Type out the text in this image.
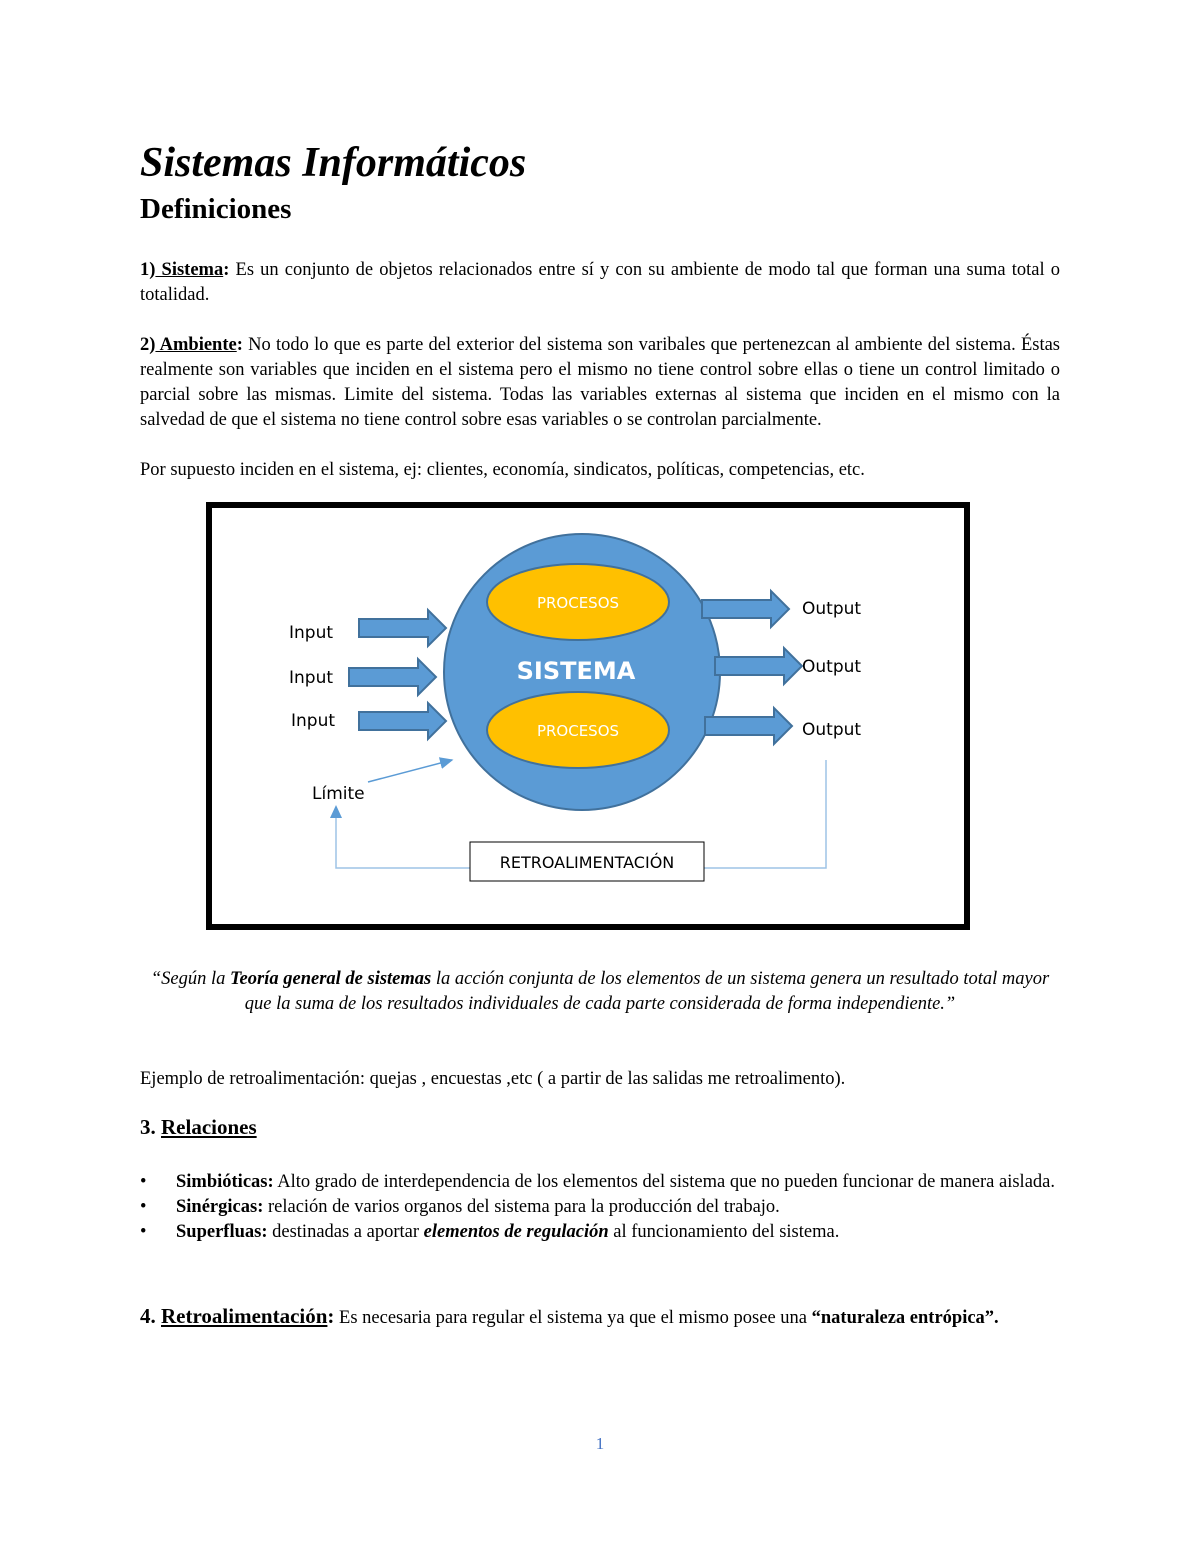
Sistemas Informáticos
Definiciones

1) Sistema: Es un conjunto de objetos relacionados entre sí y con su ambiente de modo tal que forman una suma total o totalidad.

2) Ambiente: No todo lo que es parte del exterior del sistema son varibales que pertenezcan al ambiente del sistema. Éstas realmente son variables que inciden en el sistema pero el mismo no tiene control sobre ellas o tiene un control limitado o parcial sobre las mismas. Limite del sistema. Todas las variables externas al sistema que inciden en el mismo con la salvedad de que el sistema no tiene control sobre esas variables o se controlan parcialmente.

Por supuesto inciden en el sistema, ej: clientes, economía, sindicatos, políticas, competencias, etc.

PROCESOS
PROCESOS
SISTEMA
Input
Input
Input
Output
Output
Output
Límite
RETROALIMENTACIÓN

“Según la Teoría general de sistemas la acción conjunta de los elementos de un sistema genera un resultado total mayor que la suma de los resultados individuales de cada parte considerada de forma independiente.”

Ejemplo de retroalimentación: quejas , encuestas ,etc ( a partir de las salidas me retroalimento).

3. Relaciones
• Simbióticas: Alto grado de interdependencia de los elementos del sistema que no pueden funcionar de manera aislada.
• Sinérgicas: relación de varios organos del sistema para la producción del trabajo.
• Superfluas: destinadas a aportar elementos de regulación al funcionamiento del sistema.

4. Retroalimentación: Es necesaria para regular el sistema ya que el mismo posee una “naturaleza entrópica”.

1
